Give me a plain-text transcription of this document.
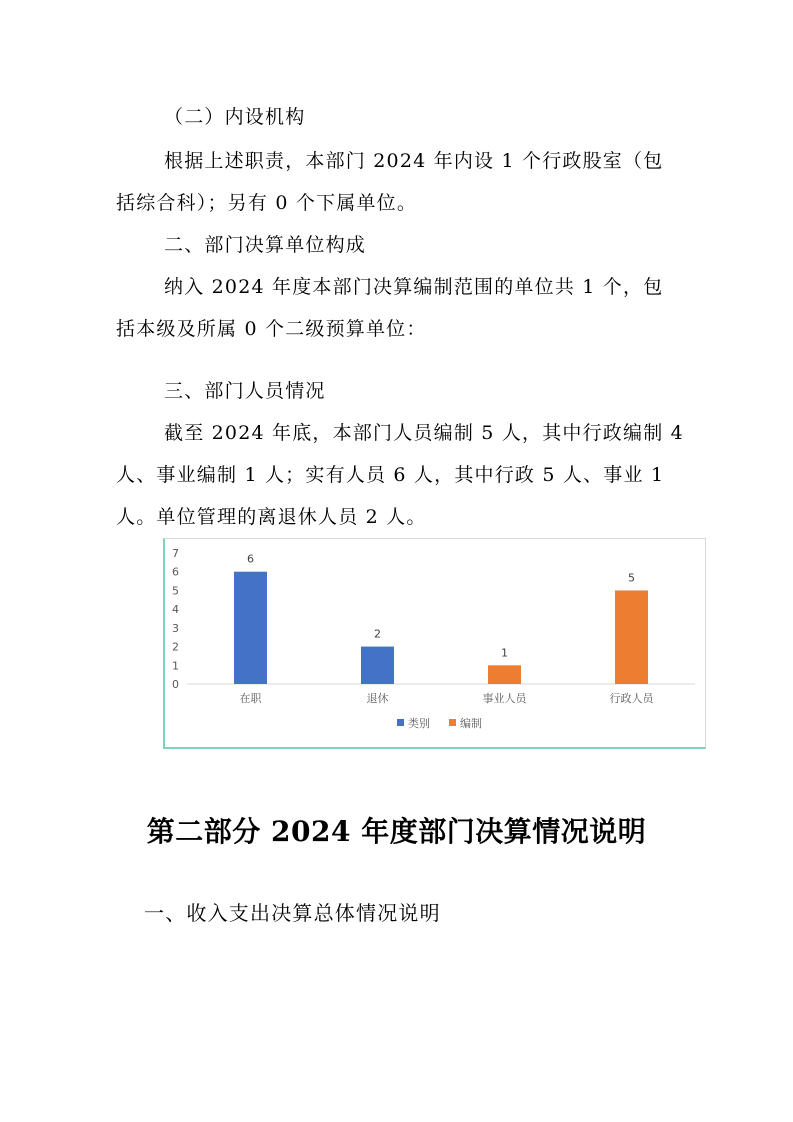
（二）内设机构
根据上述职责，本部门 2024 年内设 1 个行政股室（包
括综合科）；另有 0 个下属单位。
二、部门决算单位构成
纳入 2024 年度本部门决算编制范围的单位共 1 个，包
括本级及所属 0 个二级预算单位：
三、部门人员情况
截至 2024 年底，本部门人员编制 5 人，其中行政编制 4
人、事业编制 1 人；实有人员 6 人，其中行政 5 人、事业 1
人。单位管理的离退休人员 2 人。
0
1
2
3
4
5
6
7	6
在职
2
退休
1
事业人员
5
行政人员
类别	编制
第二部分 2024 年度部门决算情况说明
一、收入支出决算总体情况说明
